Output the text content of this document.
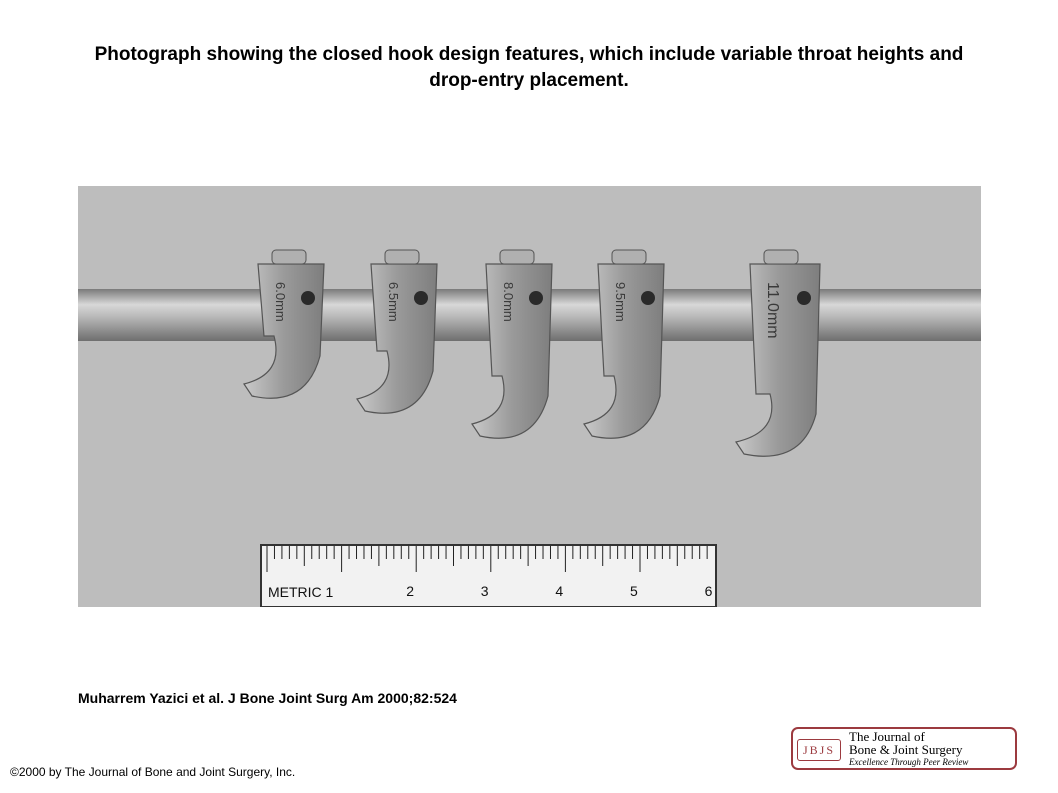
Photograph showing the closed hook design features, which include variable throat heights and
drop-entry placement.
6.0mm	6.5mm	8.0mm	9.5mm	11.0mm
METRIC 1	2	3	4	5	6
Muharrem Yazici et al. J Bone Joint Surg Am 2000;82:524
©2000 by The Journal of Bone and Joint Surgery, Inc.
JBJS
The Journal of
Bone & Joint Surgery
Excellence Through Peer Review
